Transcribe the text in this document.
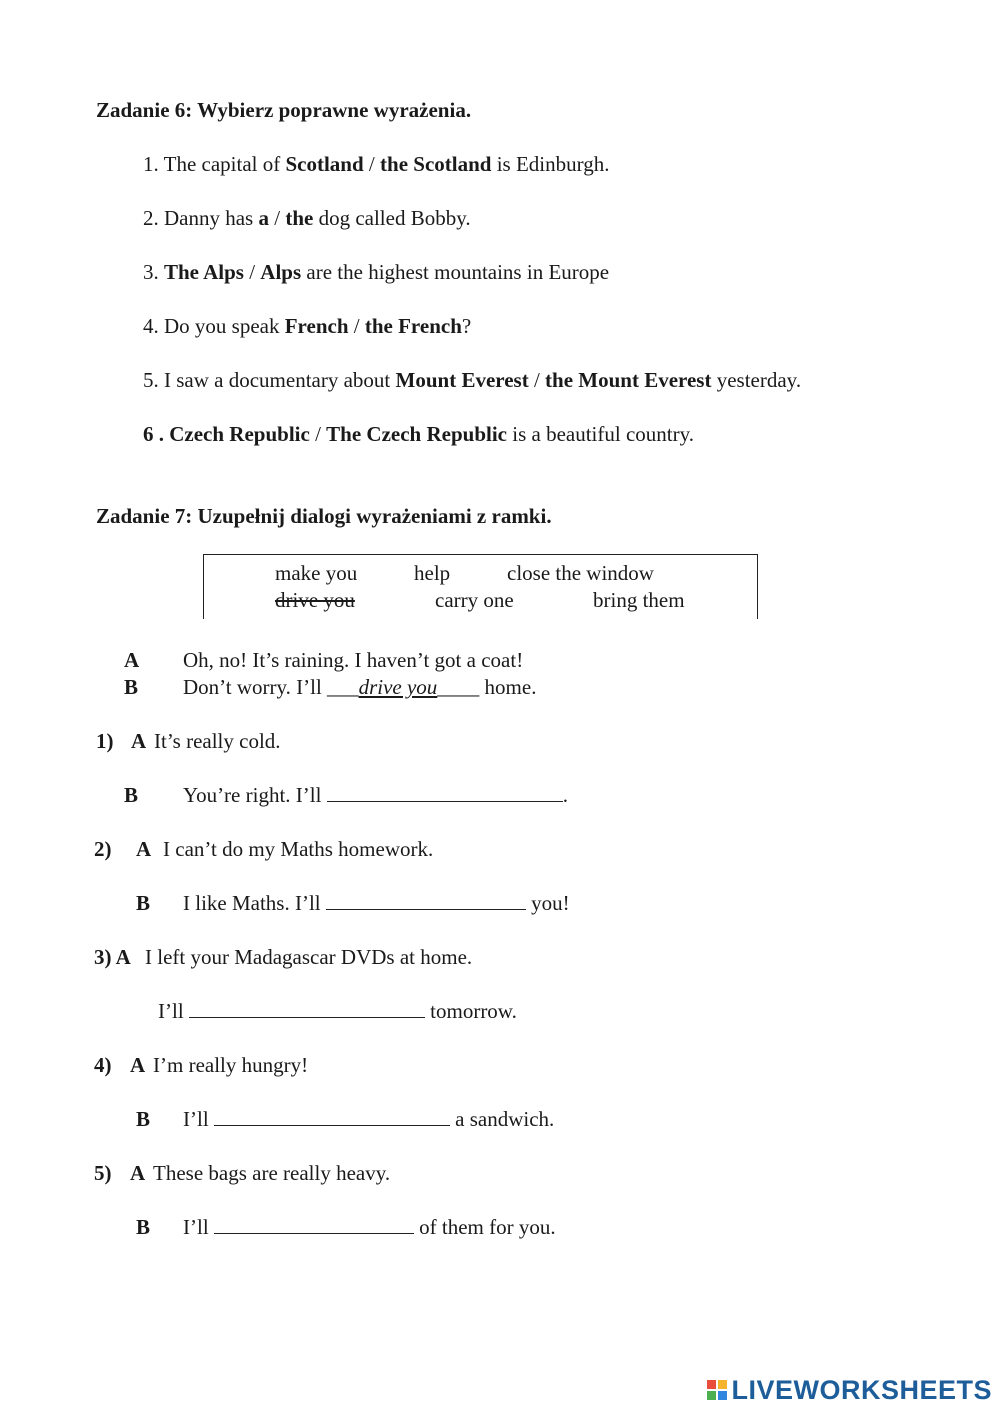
Zadanie 6: Wybierz poprawne wyrażenia.
1. The capital of Scotland / the Scotland is Edinburgh.
2. Danny has a / the dog called Bobby.
3. The Alps / Alps are the highest mountains in Europe
4. Do you speak French / the French?
5. I saw a documentary about Mount Everest / the Mount Everest yesterday.
6 . Czech Republic / The Czech Republic is a beautiful country.
Zadanie 7: Uzupełnij dialogi wyrażeniami z ramki.
make you	help	close the window
drive you	carry one	bring them
A Oh, no! It’s raining. I haven’t got a coat!
B Don’t worry. I’ll ___drive you____ home.
1) A It’s really cold.
B You’re right. I’ll	.
2) A I can’t do my Maths homework.
B I like Maths. I’ll	you!
3) A I left your Madagascar DVDs at home.
I’ll	tomorrow.
4) A I’m really hungry!
B I’ll	a sandwich.
5) A These bags are really heavy.
B I’ll	of them for you.
LIVEWORKSHEETS
